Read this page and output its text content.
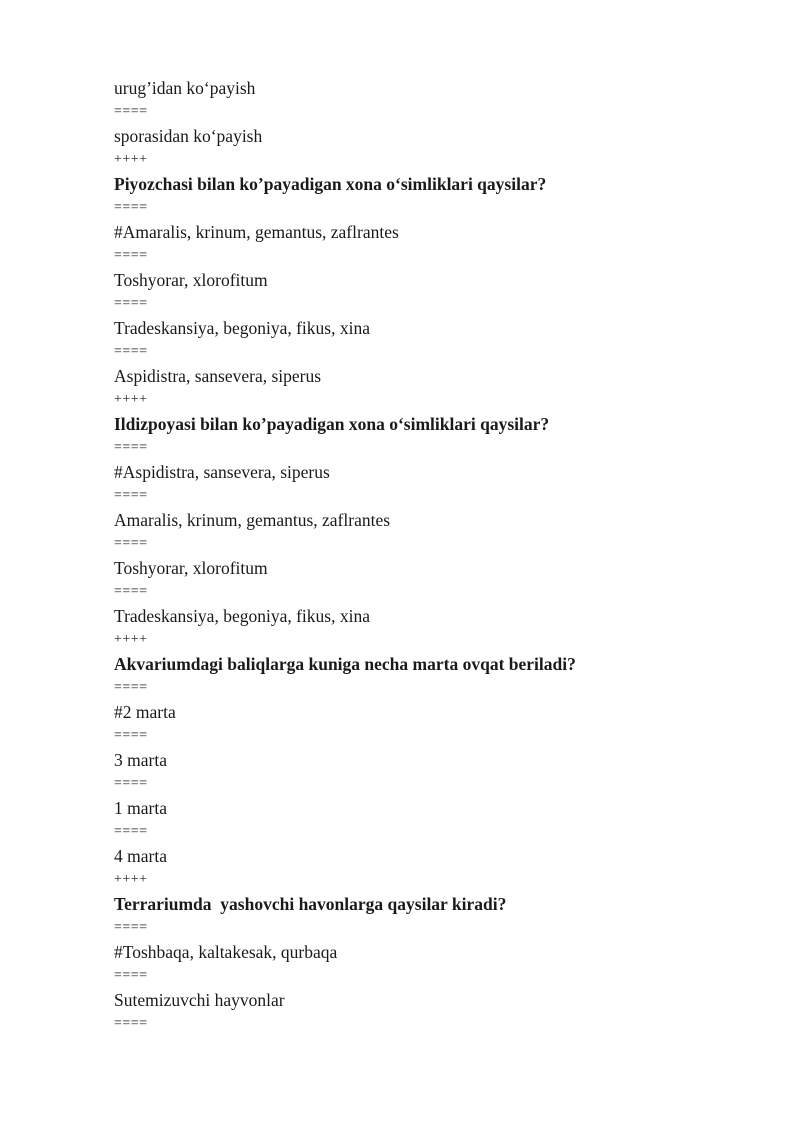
urug’idan ko‘payish
====
sporasidan ko‘payish
++++
Piyozchasi bilan ko’payadigan xona o‘simliklari qaysilar?
====
#Amaralis, krinum, gemantus, zaflrantes
====
Toshyorar, xlorofitum
====
Tradeskansiya, begoniya, fikus, xina
====
Aspidistra, sansevera, siperus
++++
Ildizpoyasi bilan ko’payadigan xona o‘simliklari qaysilar?
====
#Aspidistra, sansevera, siperus
====
Amaralis, krinum, gemantus, zaflrantes
====
Toshyorar, xlorofitum
====
Tradeskansiya, begoniya, fikus, xina
++++
Akvariumdagi baliqlarga kuniga necha marta ovqat beriladi?
====
#2 marta
====
3 marta
====
1 marta
====
4 marta
++++
Terrariumda  yashovchi havonlarga qaysilar kiradi?
====
#Toshbaqa, kaltakesak, qurbaqa
====
Sutemizuvchi hayvonlar
====
